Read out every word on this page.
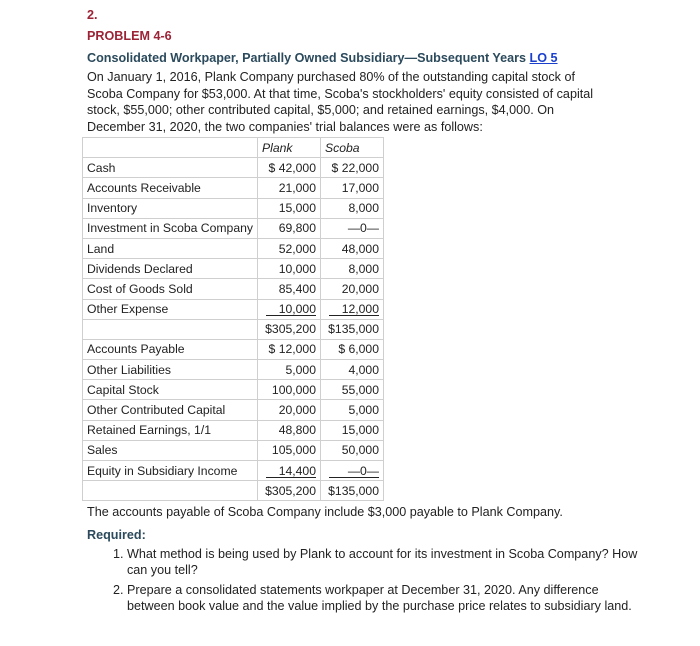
2.
PROBLEM 4-6
Consolidated Workpaper, Partially Owned Subsidiary—Subsequent Years LO 5
On January 1, 2016, Plank Company purchased 80% of the outstanding capital stock of Scoba Company for $53,000. At that time, Scoba's stockholders' equity consisted of capital stock, $55,000; other contributed capital, $5,000; and retained earnings, $4,000. On December 31, 2020, the two companies' trial balances were as follows:
	Plank	Scoba
Cash	$ 42,000	$ 22,000
Accounts Receivable	21,000	17,000
Inventory	15,000	8,000
Investment in Scoba Company	69,800	—0—
Land	52,000	48,000
Dividends Declared	10,000	8,000
Cost of Goods Sold	85,400	20,000
Other Expense	10,000	12,000
	$305,200	$135,000
Accounts Payable	$ 12,000	$ 6,000
Other Liabilities	5,000	4,000
Capital Stock	100,000	55,000
Other Contributed Capital	20,000	5,000
Retained Earnings, 1/1	48,800	15,000
Sales	105,000	50,000
Equity in Subsidiary Income	14,400	—0—
	$305,200	$135,000
The accounts payable of Scoba Company include $3,000 payable to Plank Company.
Required:
1. What method is being used by Plank to account for its investment in Scoba Company? How can you tell?
2. Prepare a consolidated statements workpaper at December 31, 2020. Any difference between book value and the value implied by the purchase price relates to subsidiary land.
